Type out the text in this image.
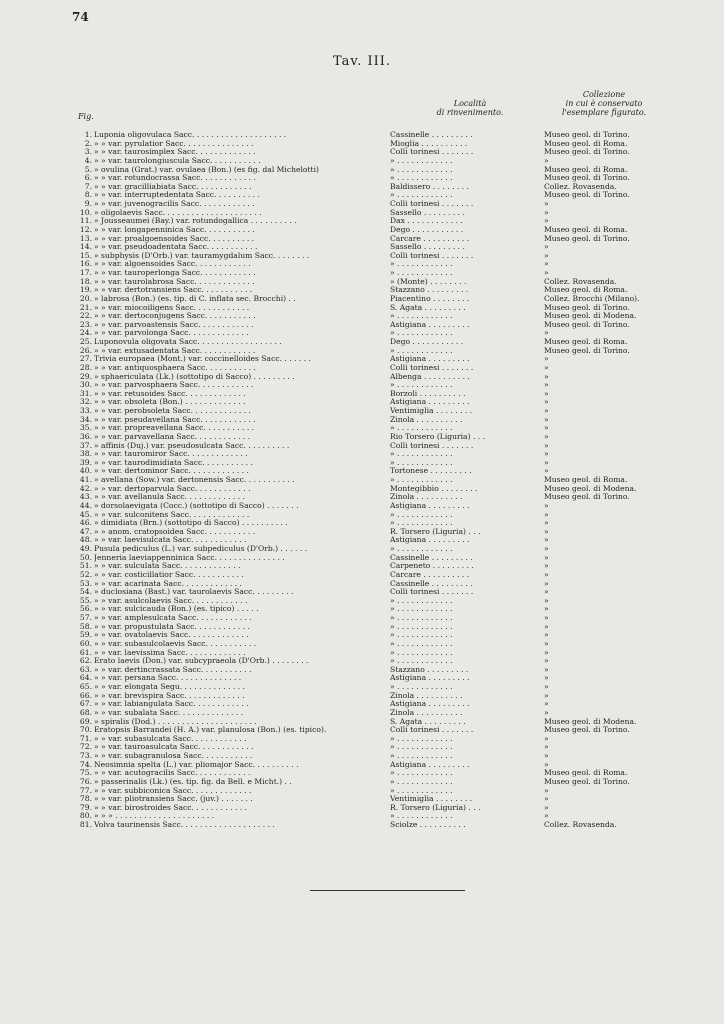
74
Tav. III.
Fig.
Località
di rinvenimento.
Collezione
in cui è conservato
l'esemplare figurato.
1. Luponia oligovulaca Sacc. . . . . . . . . . . . . . . . . . . .	Cassinelle . . . . . . . . .	Museo geol. di Torino.
2. » » var. pyrulatior Sacc. . . . . . . . . . . . . . .	Mioglia . . . . . . . . . .	Museo geol. di Roma.
3. » » var. taurosimplex Sacc. . . . . . . . . . . . .	Colli torinesi . . . . . . .	Museo geol. di Torino.
4. » » var. taurolongiuscula Sacc. . . . . . . . . . .	» . . . . . . . . . . . .	»
5. » ovulina (Grat.) var. ovulaea (Bon.) (es fig. dal Michelotti)	» . . . . . . . . . . . .	Museo geol. di Roma.
6. » » var. rotundocrassa Sacc. . . . . . . . . . . .	» . . . . . . . . . . . .	Museo geol. di Torino.
7. » » var. gracilliabiata Sacc. . . . . . . . . . . .	Baldissero . . . . . . . .	Collez. Rovasenda.
8. » » var. interruptedentata Sacc. . . . . . . . . .	» . . . . . . . . . . . .	Museo geol. di Torino.
9. » » var. juvenogracilis Sacc. . . . . . . . . . . .	Colli torinesi . . . . . . .	»
10. » oligolaevis Sacc. . . . . . . . . . . . . . . . . . . . .	Sassello . . . . . . . . .	»
11. » Jousseaumei (Bay.) var. rotundogallica . . . . . . . . . .	Dax . . . . . . . . . . . .	»
12. » » var. longapenninica Sacc. . . . . . . . . . .	Dego . . . . . . . . . . .	Museo geol. di Roma.
13. » » var. proalgoensoides Sacc. . . . . . . . . .	Carcare . . . . . . . . . .	Museo geol. di Torino.
14. » » var. pseudoadentata Sacc. . . . . . . . . . .	Sassello . . . . . . . . .	»
15. » subphysis (D'Orb.) var. tauramygdalum Sacc. . . . . . . .	Colli torinesi . . . . . . .	»
16. » » var. algoensoides Sacc. . . . . . . . . . . .	» . . . . . . . . . . . .	»
17. » » var. tauroperlonga Sacc. . . . . . . . . . . .	» . . . . . . . . . . . .	»
18. » » var. taurolabrosa Sacc. . . . . . . . . . . . .	» (Monte) . . . . . . . .	Collez. Rovasenda.
19. » » var. dertotransiens Sacc. . . . . . . . . . .	Stazzano . . . . . . . . .	Museo geol. di Roma.
20. » labrosa (Bon.) (es. tip. di C. inflata sec. Brocchi) . .	Piacentino . . . . . . . .	Collez. Brocchi (Milano).
21. » » var. miocoiligens Sacc. . . . . . . . . . . .	S. Agata . . . . . . . . .	Museo geol. di Torino.
22. » » var. dertoconjugens Sacc. . . . . . . . . . .	» . . . . . . . . . . . .	Museo geol. di Modena.
23. » » var. parvoastensis Sacc. . . . . . . . . . . .	Astigiana . . . . . . . . .	Museo geol. di Torino.
24. » » var. parvolonga Sacc. . . . . . . . . . . . .	» . . . . . . . . . . . .	»
25. Luponovula oligovata Sacc. . . . . . . . . . . . . . . . . .	Dego . . . . . . . . . . .	Museo geol. di Roma.
26. » » var. extusadentata Sacc. . . . . . . . . . . .	» . . . . . . . . . . . .	Museo geol. di Torino.
27. Trivia europaea (Mont.) var. coccinelloides Sacc. . . . . . .	Astigiana . . . . . . . . .	»
28. » » var. antiquosphaera Sacc. . . . . . . . . . .	Colli torinesi . . . . . . .	»
29. » sphaericulata (Lk.) (sottotipo di Sacco) . . . . . . . . .	Albenga . . . . . . . . . .	»
30. » » var. parvosphaera Sacc. . . . . . . . . . . .	» . . . . . . . . . . . .	»
31. » » var. retusoides Sacc. . . . . . . . . . . . .	Borzoli . . . . . . . . . .	»
32. » » var. obsoleta (Bon.) . . . . . . . . . . . . .	Astigiana . . . . . . . . .	»
33. » » var. perobsoleta Sacc. . . . . . . . . . . . .	Ventimiglia . . . . . . . .	»
34. » » var. pseudavellana Sacc. . . . . . . . . . . .	Zinola . . . . . . . . . .	»
35. » » var. propreavellana Sacc. . . . . . . . . . .	» . . . . . . . . . . . .	»
36. » » var. parvavellana Sacc. . . . . . . . . . . .	Rio Torsero (Liguria) . . .	»
37. » affinis (Duj.) var. pseudosulcata Sacc. . . . . . . . . .	Colli torinesi . . . . . . .	»
38. » » var. tauromiror Sacc. . . . . . . . . . . . .	» . . . . . . . . . . . .	»
39. » » var. taurodimidiata Sacc. . . . . . . . . . .	» . . . . . . . . . . . .	»
40. » » var. dertominor Sacc. . . . . . . . . . . . .	Tortonese . . . . . . . . .	»
41. » avellana (Sow.) var. dertonensis Sacc. . . . . . . . . . .	» . . . . . . . . . . . .	Museo geol. di Roma.
42. » » var. dertoparvula Sacc. . . . . . . . . . . .	Montegibbio . . . . . . . .	Museo geol. di Modena.
43. » » var. avellanula Sacc. . . . . . . . . . . . .	Zinola . . . . . . . . . .	Museo geol. di Torino.
44. » dorsolaevigata (Cocc.) (sottotipo di Sacco) . . . . . . .	Astigiana . . . . . . . . .	»
45. » » var. sulconitens Sacc. . . . . . . . . . . . .	» . . . . . . . . . . . .	»
46. » dimidiata (Brn.) (sottotipo di Sacco) . . . . . . . . . .	» . . . . . . . . . . . .	»
47. » » anom. cratopsoidea Sacc. . . . . . . . . . .	R. Torsero (Liguria) . . .	»
48. » » var. laevisulcata Sacc. . . . . . . . . . . .	Astigiana . . . . . . . . .	»
49. Pusula pediculus (L.) var. subpediculus (D'Orb.) . . . . . .	» . . . . . . . . . . . .	»
50. Jenneria laeviappenninica Sacc. . . . . . . . . . . . . . .	Cassinelle . . . . . . . . .	»
51. » » var. sulculata Sacc. . . . . . . . . . . . .	Carpeneto . . . . . . . . .	»
52. » » var. costicillatior Sacc. . . . . . . . . . .	Carcare . . . . . . . . . .	»
53. » » var. acarinata Sacc. . . . . . . . . . . . .	Cassinelle . . . . . . . . .	»
54. » duclosiana (Bast.) var. taurolaevis Sacc. . . . . . . . .	Colli torinesi . . . . . . .	»
55. » » var. asulcolaevis Sacc. . . . . . . . . . . .	» . . . . . . . . . . . .	»
56. » » var. sulcicauda (Bon.) (es. tipico) . . . . .	» . . . . . . . . . . . .	»
57. » » var. amplesulcata Sacc. . . . . . . . . . . .	» . . . . . . . . . . . .	»
58. » » var. propustulata Sacc. . . . . . . . . . . .	» . . . . . . . . . . . .	»
59. » » var. ovatolaevis Sacc. . . . . . . . . . . . .	» . . . . . . . . . . . .	»
60. » » var. subasulcolaevis Sacc. . . . . . . . . . .	» . . . . . . . . . . . .	»
61. » » var. laevissima Sacc. . . . . . . . . . . . .	» . . . . . . . . . . . .	»
62. Erato laevis (Don.) var. subcypraeola (D'Orb.) . . . . . . . .	» . . . . . . . . . . . .	»
63. » » var. dertincrassata Sacc. . . . . . . . . . .	Stazzano . . . . . . . . .	»
64. » » var. persana Sacc. . . . . . . . . . . . . .	Astigiana . . . . . . . . .	»
65. » » var. elongata Segu. . . . . . . . . . . . . .	» . . . . . . . . . . . .	»
66. » » var. brevispira Sacc. . . . . . . . . . . . .	Zinola . . . . . . . . . .	»
67. » » var. labiangulata Sacc. . . . . . . . . . . .	Astigiana . . . . . . . . .	»
68. » » var. subalata Sacc. . . . . . . . . . . . . .	Zinola . . . . . . . . . .	»
69. » spiralis (Dod.) . . . . . . . . . . . . . . . . . . . . .	S. Agata . . . . . . . . .	Museo geol. di Modena.
70. Eratopsis Barrandei (H. A.) var. planulosa (Bon.) (es. tipico).	Colli torinesi . . . . . . .	Museo geol. di Torino.
71. » » var. subasulcata Sacc. . . . . . . . . . . .	» . . . . . . . . . . . .	»
72. » » var. tauroasulcata Sacc. . . . . . . . . . . .	» . . . . . . . . . . . .	»
73. » » var. subagranulosa Sacc. . . . . . . . . . .	» . . . . . . . . . . . .	»
74. Neosimnia spelta (L.) var. pliomajor Sacc. . . . . . . . . .	Astigiana . . . . . . . . .	»
75. » » var. acutogracilis Sacc. . . . . . . . . . . .	» . . . . . . . . . . . .	Museo geol. di Roma.
76. » passerinalis (Lk.) (es. tip. fig. da Bell. e Micht.) . .	» . . . . . . . . . . . .	Museo geol. di Torino.
77. » » var. subbiconica Sacc. . . . . . . . . . . . .	» . . . . . . . . . . . .	»
78. » » var. pliotransiens Sacc. (juv.) . . . . . . .	Ventimiglia . . . . . . . .	»
79. » » var. birostroides Sacc. . . . . . . . . . . .	R. Torsero (Liguria) . . .	»
80. » » » . . . . . . . . . . . . . . . . . . . . .	» . . . . . . . . . . . .	»
81. Volva taurinensis Sacc. . . . . . . . . . . . . . . . . . . .	Sciolze . . . . . . . . . .	Collez. Rovasenda.
